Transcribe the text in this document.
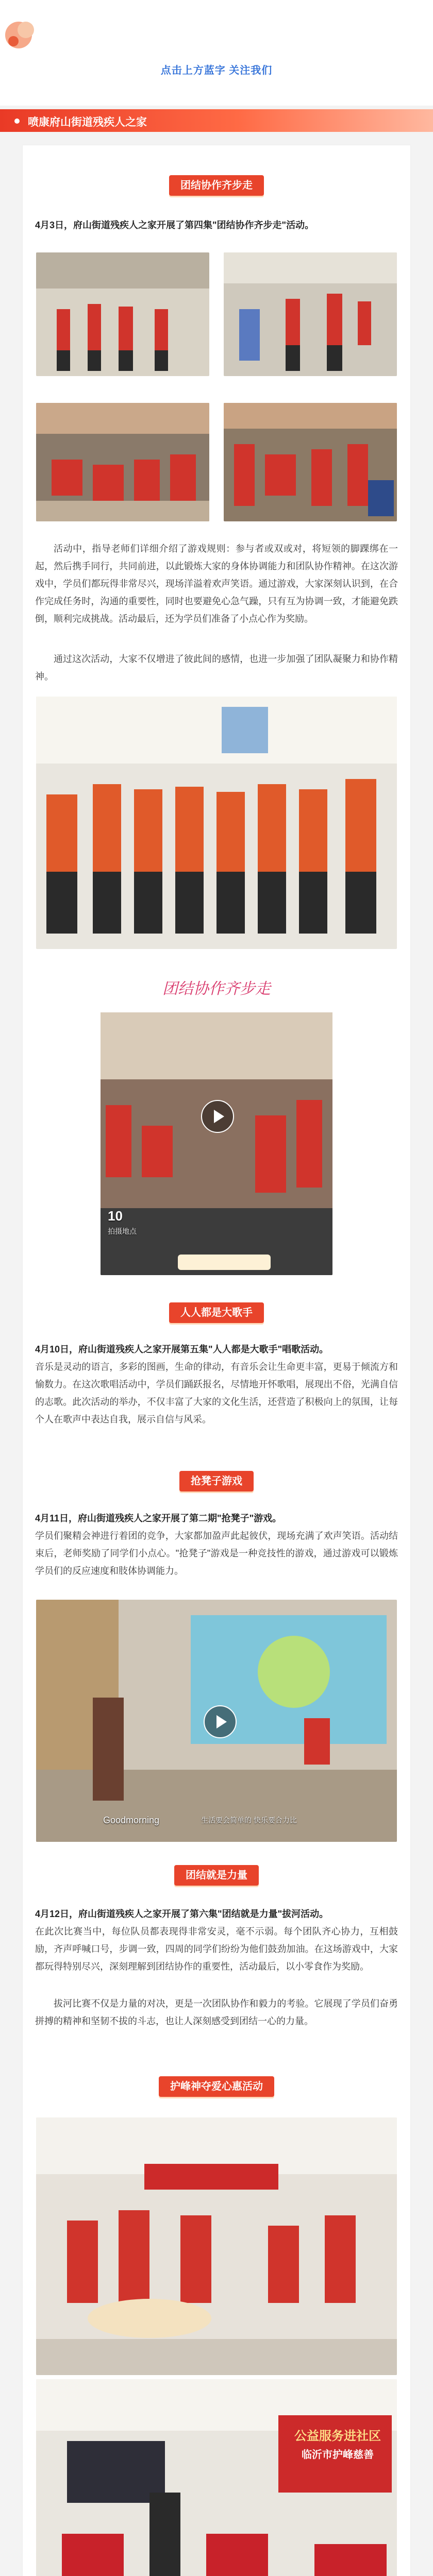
点击上方蓝字 关注我们
喷康府山街道残疾人之家
团结协作齐步走
4月3日，府山街道残疾人之家开展了第四集"团结协作齐步走"活动。
活动中，指导老师们详细介绍了游戏规则：参与者或双或对，将短领的脚踝绑在一起，然后携手同行，共同前进，以此锻炼大家的身体协调能力和团队协作精神。在这次游戏中，学员们都玩得非常尽兴，现场洋溢着欢声笑语。通过游戏，大家深刻认识到，在合作完成任务时，沟通的重要性，同时也要避免心急气躁，只有互为协调一致，才能避免跌倒，顺利完成挑战。活动最后，还为学员们准备了小点心作为奖励。
通过这次活动，大家不仅增进了彼此间的感情，也进一步加强了团队凝聚力和协作精神。
团结协作齐步走
10
拍摄地点
人人都是大歌手
4月10日，府山街道残疾人之家开展第五集"人人都是大歌手"唱歌活动。
音乐是灵动的语言，多彩的图画，生命的律动，有音乐会让生命更丰富，更易于倾流方和愉数力。在这次歌唱活动中，学员们踊跃报名，尽情地开怀歌唱，展现出不俗，光满自信的志歌。此次活动的举办，不仅丰富了大家的文化生活，还营造了积极向上的氛围，让每个人在歌声中表达自我，展示自信与风采。
抢凳子游戏
4月11日，府山街道残疾人之家开展了第二期"抢凳子"游戏。
学员们聚精会神进行着团的竞争，大家都加盈声此起彼伏，现场充满了欢声笑语。活动结束后，老师奖励了同学们小点心。"抢凳子"游戏是一种竞技性的游戏，通过游戏可以锻炼学员们的反应速度和肢体协调能力。
Goodmorning	生活要会简单的 快乐要合力比
团结就是力量
4月12日，府山街道残疾人之家开展了第六集"团结就是力量"拔河活动。
在此次比赛当中，每位队员都表现得非常安灵，毫不示弱。每个团队齐心协力，互相鼓励，齐声呼喊口号，步调一致，四周的同学们纷纷为他们鼓劲加油。在这场游戏中，大家都玩得特别尽兴，深刻理解到团结协作的重要性，活动最后，以小零食作为奖励。
拔河比赛不仅是力量的对决，更是一次团队协作和毅力的考验。它展现了学员们奋勇拼搏的精神和坚韧不拔的斗志，也让人深刻感受到团结一心的力量。
护峰神夺爱心惠活动
公益服务进社区
临沂市护峰慈善
